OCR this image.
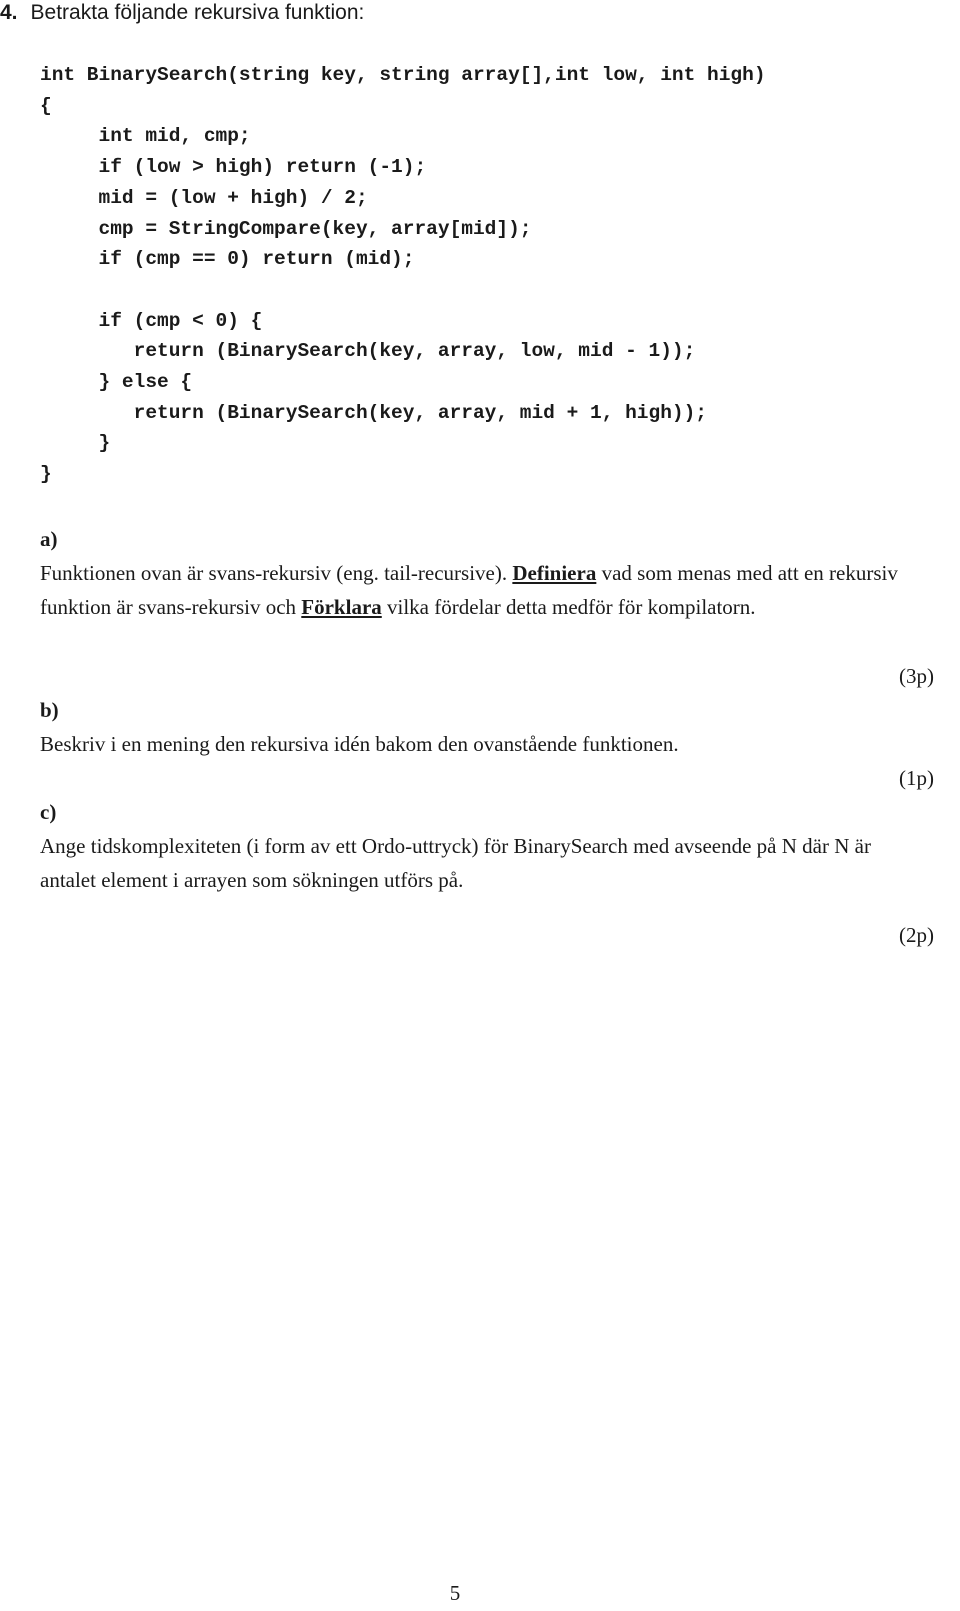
4. Betrakta följande rekursiva funktion:
int BinarySearch(string key, string array[],int low, int high)
{
int mid, cmp;
if (low > high) return (-1);
mid = (low + high) / 2;
cmp = StringCompare(key, array[mid]);
if (cmp == 0) return (mid);
if (cmp < 0) {
return (BinarySearch(key, array, low, mid - 1));
} else {
return (BinarySearch(key, array, mid + 1, high));
}
}
a)
Funktionen ovan är svans-rekursiv (eng. tail-recursive). Definiera vad som menas med att en rekursiv funktion är svans-rekursiv och Förklara vilka fördelar detta medför för kompilatorn.
(3p)
b)
Beskriv i en mening den rekursiva idén bakom den ovanstående funktionen.
(1p)
c)
Ange tidskomplexiteten (i form av ett Ordo-uttryck) för BinarySearch med avseende på N där N är antalet element i arrayen som sökningen utförs på.
(2p)
5
